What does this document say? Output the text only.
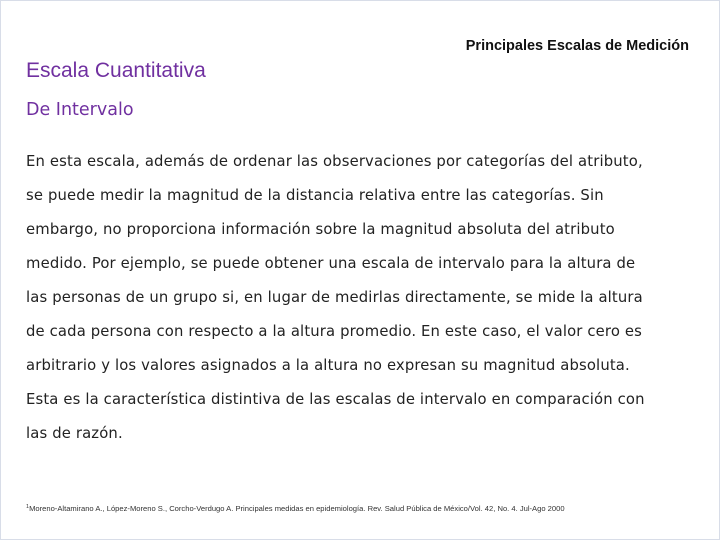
Principales Escalas de Medición
Escala Cuantitativa
De Intervalo

En esta escala, además de ordenar las observaciones por categorías del atributo,
se puede medir la magnitud de la distancia relativa entre las categorías. Sin
embargo, no proporciona información sobre la magnitud absoluta del atributo
medido. Por ejemplo, se puede obtener una escala de intervalo para la altura de
las personas de un grupo si, en lugar de medirlas directamente, se mide la altura
de cada persona con respecto a la altura promedio. En este caso, el valor cero es
arbitrario y los valores asignados a la altura no expresan su magnitud absoluta.
Esta es la característica distintiva de las escalas de intervalo en comparación con
las de razón.

$^1$Moreno-Altamirano A., López-Moreno S., Corcho-Verdugo A. Principales medidas en epidemiología. Rev. Salud Pública de México/Vol. 42, No. 4. Jul-Ago 2000
